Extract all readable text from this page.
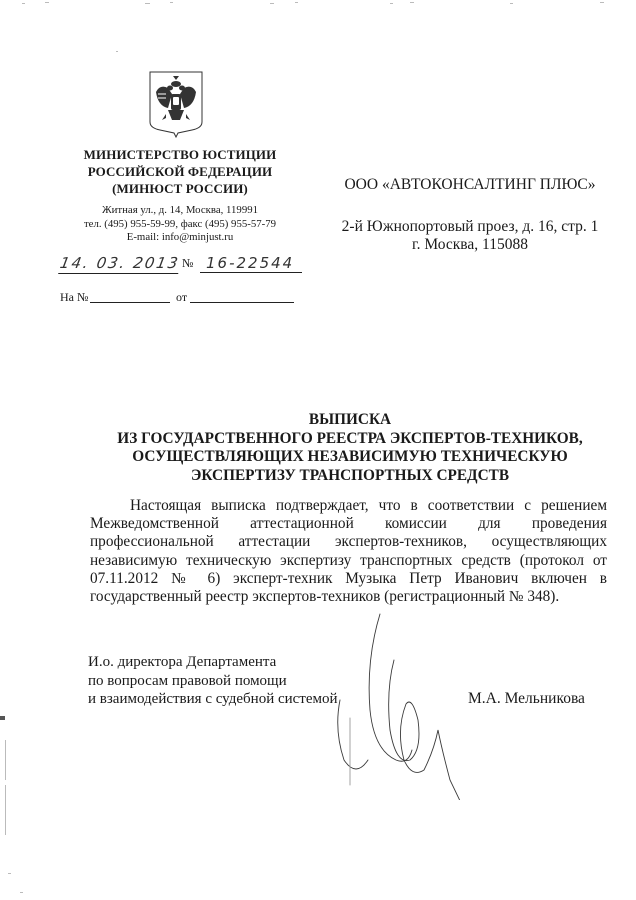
МИНИСТЕРСТВО ЮСТИЦИИ
РОССИЙСКОЙ ФЕДЕРАЦИИ
(МИНЮСТ РОССИИ)
Житная ул., д. 14, Москва, 119991
тел. (495) 955-59-99, факс (495) 955-57-79
E-mail: info@minjust.ru
14. 03. 2013 № 16-22544
На №	от
ООО «АВТОКОНСАЛТИНГ ПЛЮС»
2-й Южнопортовый проез, д. 16, стр. 1
г. Москва, 115088
ВЫПИСКА
ИЗ ГОСУДАРСТВЕННОГО РЕЕСТРА ЭКСПЕРТОВ-ТЕХНИКОВ,
ОСУЩЕСТВЛЯЮЩИХ НЕЗАВИСИМУЮ ТЕХНИЧЕСКУЮ
ЭКСПЕРТИЗУ ТРАНСПОРТНЫХ СРЕДСТВ
Настоящая выписка подтверждает, что в соответствии с решением Межведомственной аттестационной комиссии для проведения профессиональной аттестации экспертов-техников, осуществляющих независимую техническую экспертизу транспортных средств (протокол от 07.11.2012 № 6) эксперт-техник Музыка Петр Иванович включен в государственный реестр экспертов-техников (регистрационный № 348).
И.о. директора Департамента
по вопросам правовой помощи
и взаимодействия с судебной системой	М.А. Мельникова
